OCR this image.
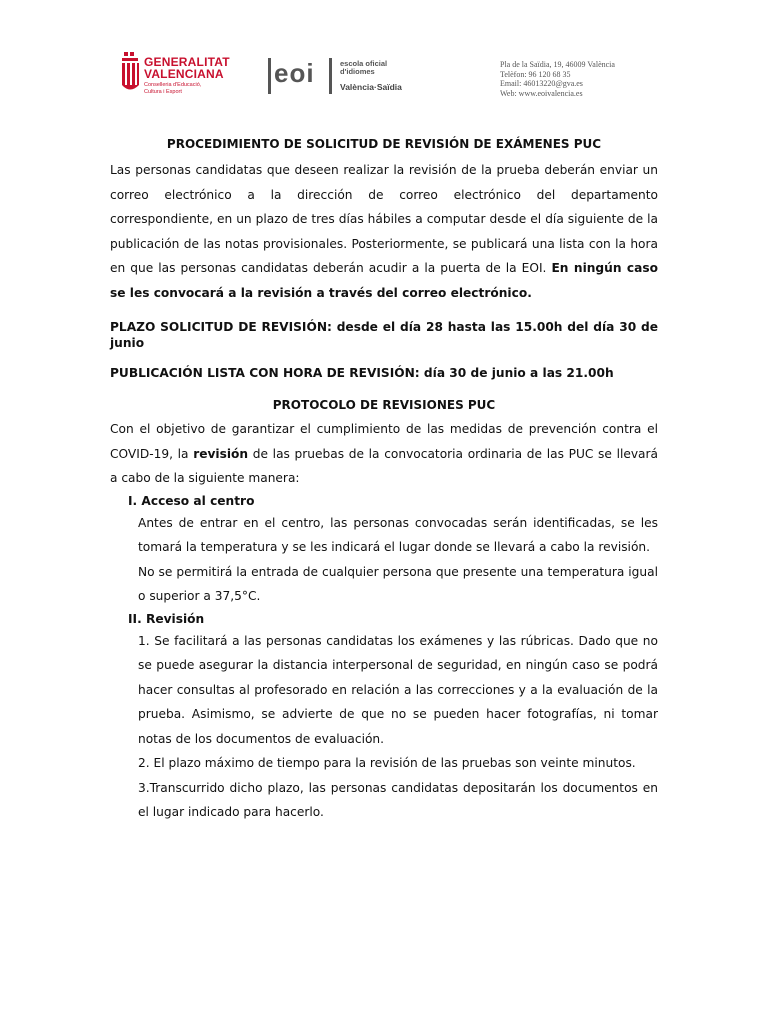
GENERALITAT
VALENCIANA
Conselleria d'Educació,
Cultura i Esport
eoi	escola oficial
d'idiomes
València·Saïdia
Pla de la Saïdia, 19, 46009 València
Telèfon: 96 120 68 35
Email: 46013220@gva.es
Web: www.eoivalencia.es
PROCEDIMIENTO DE SOLICITUD DE REVISIÓN DE EXÁMENES PUC

Las personas candidatas que deseen realizar la revisión de la prueba deberán enviar un correo electrónico a la dirección de correo electrónico del departamento correspondiente, en un plazo de tres días hábiles a computar desde el día siguiente de la publicación de las notas provisionales. Posteriormente, se publicará una lista con la hora en que las personas candidatas deberán acudir a la puerta de la EOI. En ningún caso se les convocará a la revisión a través del correo electrónico.

PLAZO SOLICITUD DE REVISIÓN: desde el día 28 hasta las 15.00h del día 30 de junio

PUBLICACIÓN LISTA CON HORA DE REVISIÓN: día 30 de junio a las 21.00h

PROTOCOLO DE REVISIONES PUC

Con el objetivo de garantizar el cumplimiento de las medidas de prevención contra el COVID-19, la revisión de las pruebas de la convocatoria ordinaria de las PUC se llevará a cabo de la siguiente manera:

I. Acceso al centro

Antes de entrar en el centro, las personas convocadas serán identificadas, se les tomará la temperatura y se les indicará el lugar donde se llevará a cabo la revisión.

No se permitirá la entrada de cualquier persona que presente una temperatura igual o superior a 37,5°C.

II. Revisión

1. Se facilitará a las personas candidatas los exámenes y las rúbricas. Dado que no se puede asegurar la distancia interpersonal de seguridad, en ningún caso se podrá hacer consultas al profesorado en relación a las correcciones y a la evaluación de la prueba. Asimismo, se advierte de que no se pueden hacer fotografías, ni tomar notas de los documentos de evaluación.

2. El plazo máximo de tiempo para la revisión de las pruebas son veinte minutos.

3.Transcurrido dicho plazo, las personas candidatas depositarán los documentos en el lugar indicado para hacerlo.
